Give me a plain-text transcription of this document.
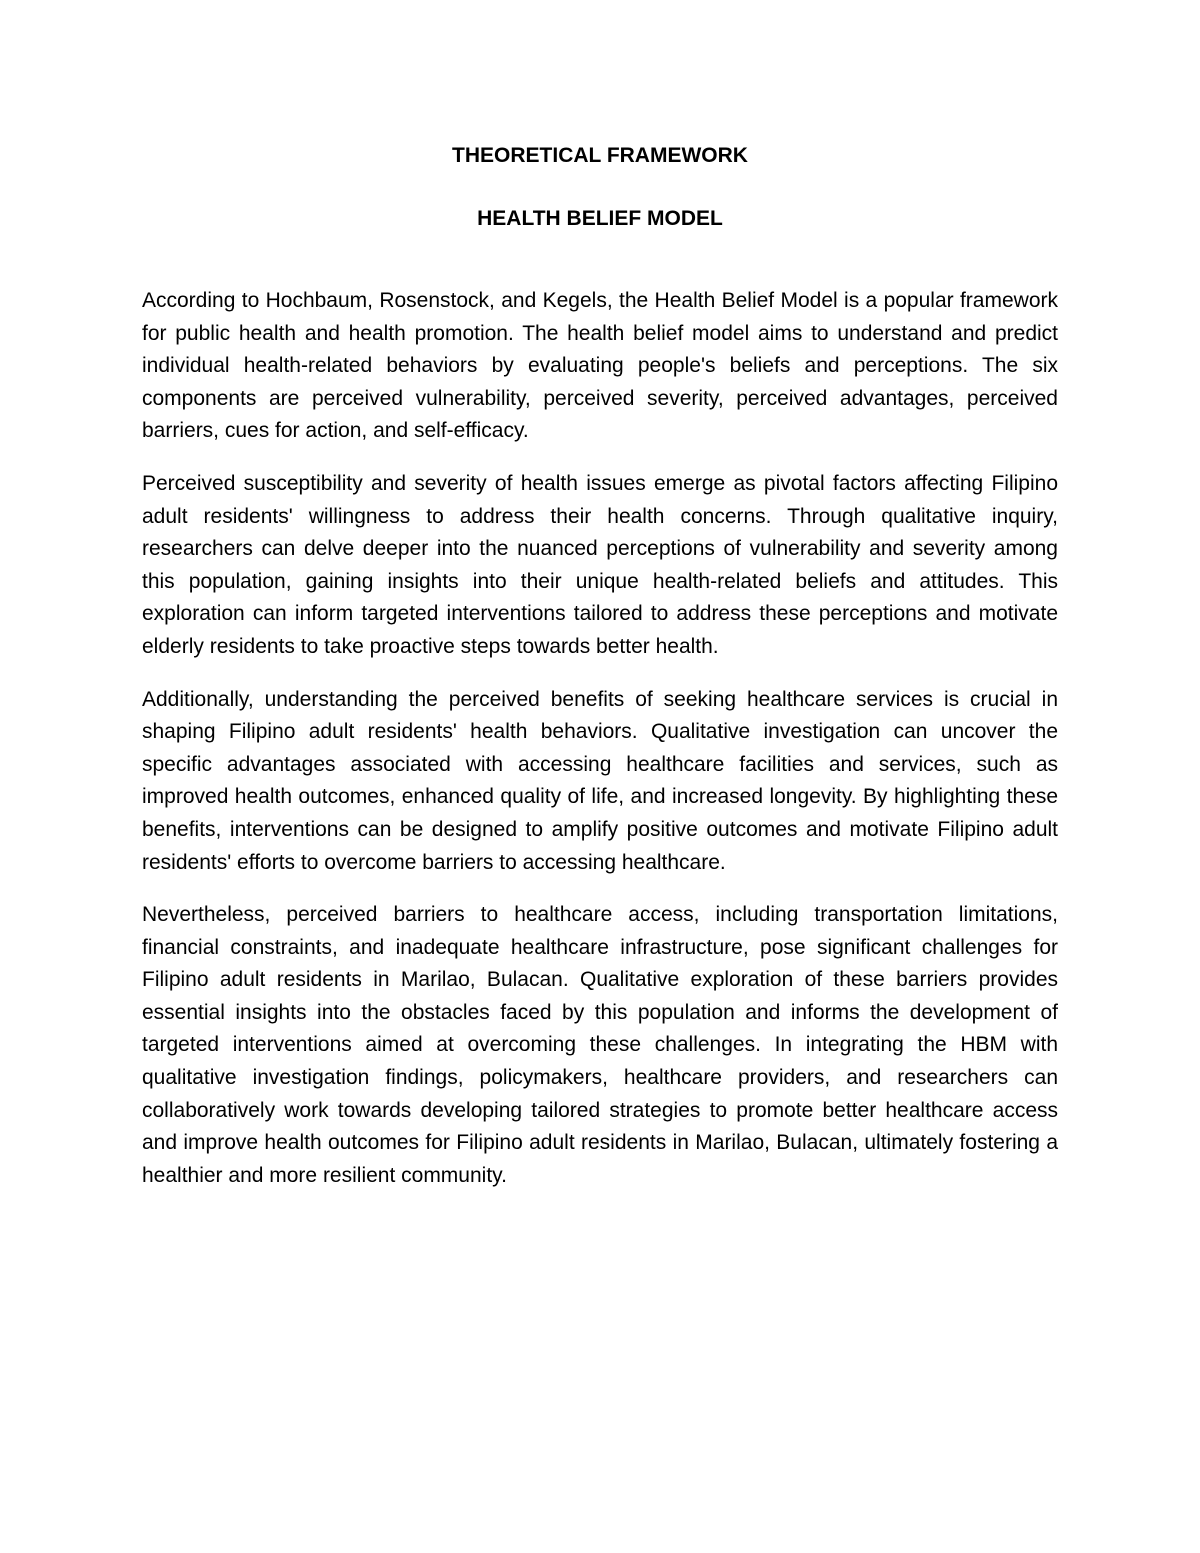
THEORETICAL FRAMEWORK
HEALTH BELIEF MODEL

According to Hochbaum, Rosenstock, and Kegels, the Health Belief Model is a popular framework for public health and health promotion. The health belief model aims to understand and predict individual health-related behaviors by evaluating people's beliefs and perceptions. The six components are perceived vulnerability, perceived severity, perceived advantages, perceived barriers, cues for action, and self-efficacy.

Perceived susceptibility and severity of health issues emerge as pivotal factors affecting Filipino adult residents' willingness to address their health concerns. Through qualitative inquiry, researchers can delve deeper into the nuanced perceptions of vulnerability and severity among this population, gaining insights into their unique health-related beliefs and attitudes. This exploration can inform targeted interventions tailored to address these perceptions and motivate elderly residents to take proactive steps towards better health.

Additionally, understanding the perceived benefits of seeking healthcare services is crucial in shaping Filipino adult residents' health behaviors. Qualitative investigation can uncover the specific advantages associated with accessing healthcare facilities and services, such as improved health outcomes, enhanced quality of life, and increased longevity. By highlighting these benefits, interventions can be designed to amplify positive outcomes and motivate Filipino adult residents' efforts to overcome barriers to accessing healthcare.

Nevertheless, perceived barriers to healthcare access, including transportation limitations, financial constraints, and inadequate healthcare infrastructure, pose significant challenges for Filipino adult residents in Marilao, Bulacan. Qualitative exploration of these barriers provides essential insights into the obstacles faced by this population and informs the development of targeted interventions aimed at overcoming these challenges. In integrating the HBM with qualitative investigation findings, policymakers, healthcare providers, and researchers can collaboratively work towards developing tailored strategies to promote better healthcare access and improve health outcomes for Filipino adult residents in Marilao, Bulacan, ultimately fostering a healthier and more resilient community.
